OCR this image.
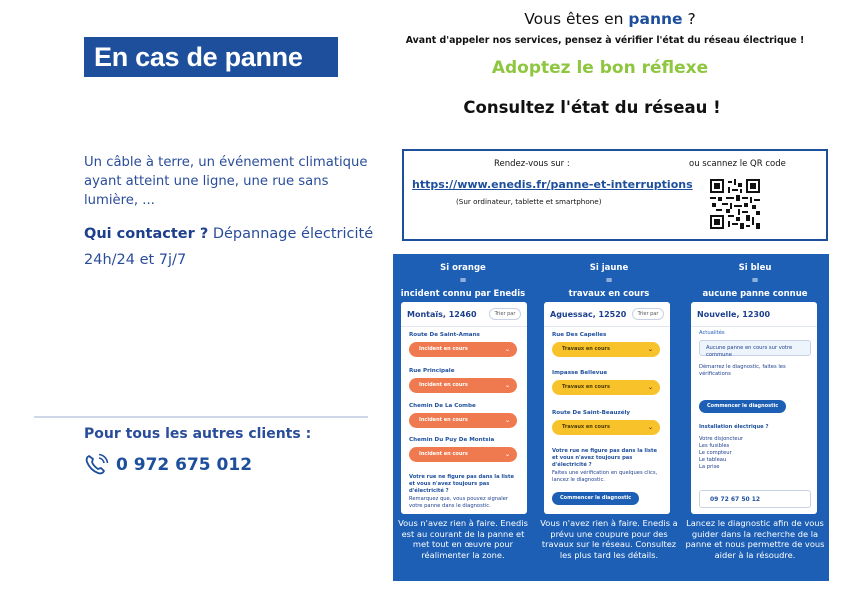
En cas de panne
Un câble à terre, un événement climatique ayant atteint une ligne, une rue sans lumière, ...
Qui contacter ? Dépannage électricité 24h/24 et 7j/7
Pour tous les autres clients :
0 972 675 012
Vous êtes en panne ?
Avant d'appeler nos services, pensez à vérifier l'état du réseau électrique !
Adoptez le bon réflexe
Consultez l'état du réseau !
Rendez-vous sur :	ou scannez le QR code
https://www.enedis.fr/panne-et-interruptions
(Sur ordinateur, tablette et smartphone)
Si orange
=
incident connu par Enedis
Montaïs, 12460	Trier par
Route De Saint-Amans
Incident en cours	⌄
Rue Principale
Incident en cours	⌄
Chemin De La Combe
Incident en cours	⌄
Chemin Du Puy De Montsia
Incident en cours	⌄
Votre rue ne figure pas dans la liste et vous n'avez toujours pas d'électricité ?
Remarquez que, vous pouvez signaler votre panne dans le diagnostic.
Vous n'avez rien à faire. Enedis est au courant de la panne et met tout en œuvre pour réalimenter la zone.
Si jaune
=
travaux en cours
Aguessac, 12520	Trier par
Rue Des Capelles
Travaux en cours	⌄
Impasse Bellevue
Travaux en cours	⌄
Route De Saint-Beauzély
Travaux en cours	⌄
Votre rue ne figure pas dans la liste et vous n'avez toujours pas d'électricité ?
Faites une vérification en quelques clics, lancez le diagnostic.
Commencer le diagnostic
Vous n'avez rien à faire. Enedis a prévu une coupure pour des travaux sur le réseau. Consultez les plus tard les détails.
Si bleu
=
aucune panne connue
Nouvelle, 12300
Actualités
Aucune panne en cours sur votre commune
Démarrez le diagnostic, faites les vérifications
Commencer le diagnostic
Installation électrique ?
Votre disjoncteur
Les fusibles
Le compteur
Le tableau
La prise
09 72 67 50 12
Lancez le diagnostic afin de vous guider dans la recherche de la panne et nous permettre de vous aider à la résoudre.
